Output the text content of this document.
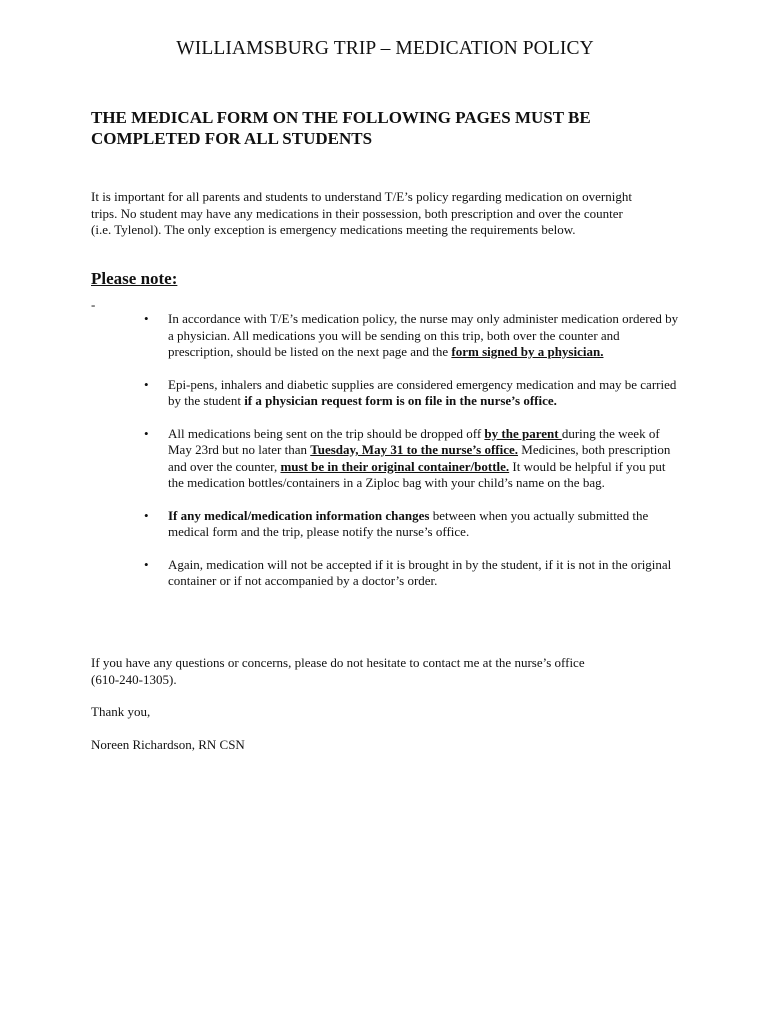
WILLIAMSBURG TRIP – MEDICATION POLICY
THE MEDICAL FORM ON THE FOLLOWING PAGES MUST BE
COMPLETED FOR ALL STUDENTS
It is important for all parents and students to understand T/E’s policy regarding medication on overnight
trips. No student may have any medications in their possession, both prescription and over the counter
(i.e. Tylenol). The only exception is emergency medications meeting the requirements below.
Please note:
-
• In accordance with T/E’s medication policy, the nurse may only administer medication ordered by a physician. All medications you will be sending on this trip, both over the counter and prescription, should be listed on the next page and the form signed by a physician.
• Epi-pens, inhalers and diabetic supplies are considered emergency medication and may be carried by the student if a physician request form is on file in the nurse’s office.
• All medications being sent on the trip should be dropped off by the parent during the week of May 23rd but no later than Tuesday, May 31 to the nurse’s office. Medicines, both prescription and over the counter, must be in their original container/bottle. It would be helpful if you put the medication bottles/containers in a Ziploc bag with your child’s name on the bag.
• If any medical/medication information changes between when you actually submitted the medical form and the trip, please notify the nurse’s office.
• Again, medication will not be accepted if it is brought in by the student, if it is not in the original container or if not accompanied by a doctor’s order.
If you have any questions or concerns, please do not hesitate to contact me at the nurse’s office
(610-240-1305).
Thank you,
Noreen Richardson, RN CSN
